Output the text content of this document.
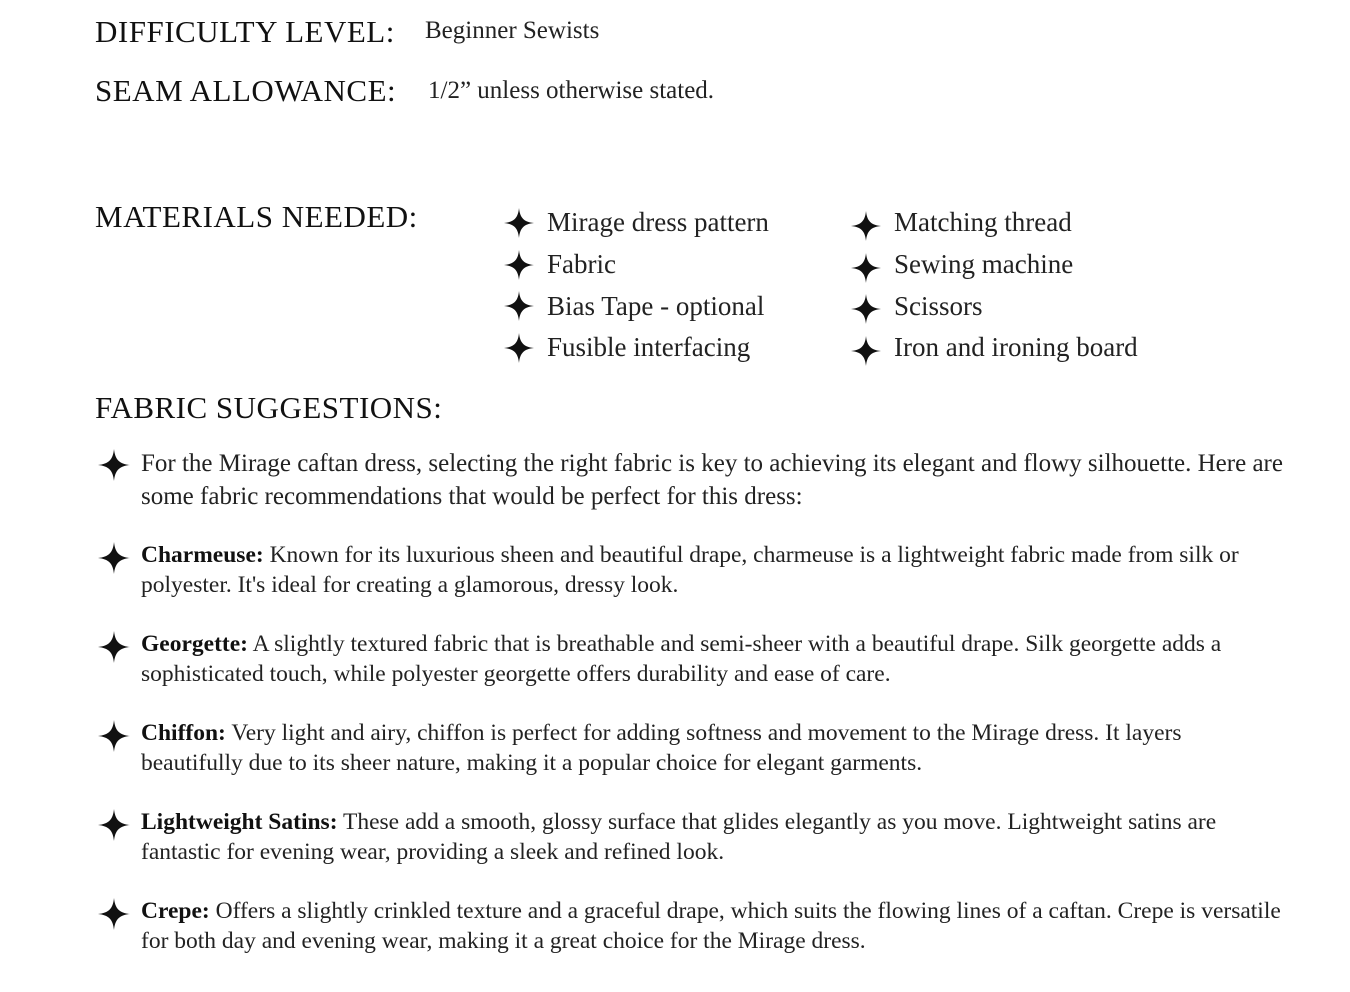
DIFFICULTY LEVEL: Beginner Sewists
SEAM ALLOWANCE: 1/2” unless otherwise stated.
MATERIALS NEEDED:	Mirage dress pattern
Fabric
Bias Tape - optional
Fusible interfacing
Matching thread
Sewing machine
Scissors
Iron and ironing board
FABRIC SUGGESTIONS:
For the Mirage caftan dress, selecting the right fabric is key to achieving its elegant and flowy silhouette. Here are some fabric recommendations that would be perfect for this dress:
Charmeuse: Known for its luxurious sheen and beautiful drape, charmeuse is a lightweight fabric made from silk or polyester. It's ideal for creating a glamorous, dressy look.
Georgette: A slightly textured fabric that is breathable and semi-sheer with a beautiful drape. Silk georgette adds a sophisticated touch, while polyester georgette offers durability and ease of care.
Chiffon: Very light and airy, chiffon is perfect for adding softness and movement to the Mirage dress. It layers beautifully due to its sheer nature, making it a popular choice for elegant garments.
Lightweight Satins: These add a smooth, glossy surface that glides elegantly as you move. Lightweight satins are fantastic for evening wear, providing a sleek and refined look.
Crepe: Offers a slightly crinkled texture and a graceful drape, which suits the flowing lines of a caftan. Crepe is versatile for both day and evening wear, making it a great choice for the Mirage dress.
